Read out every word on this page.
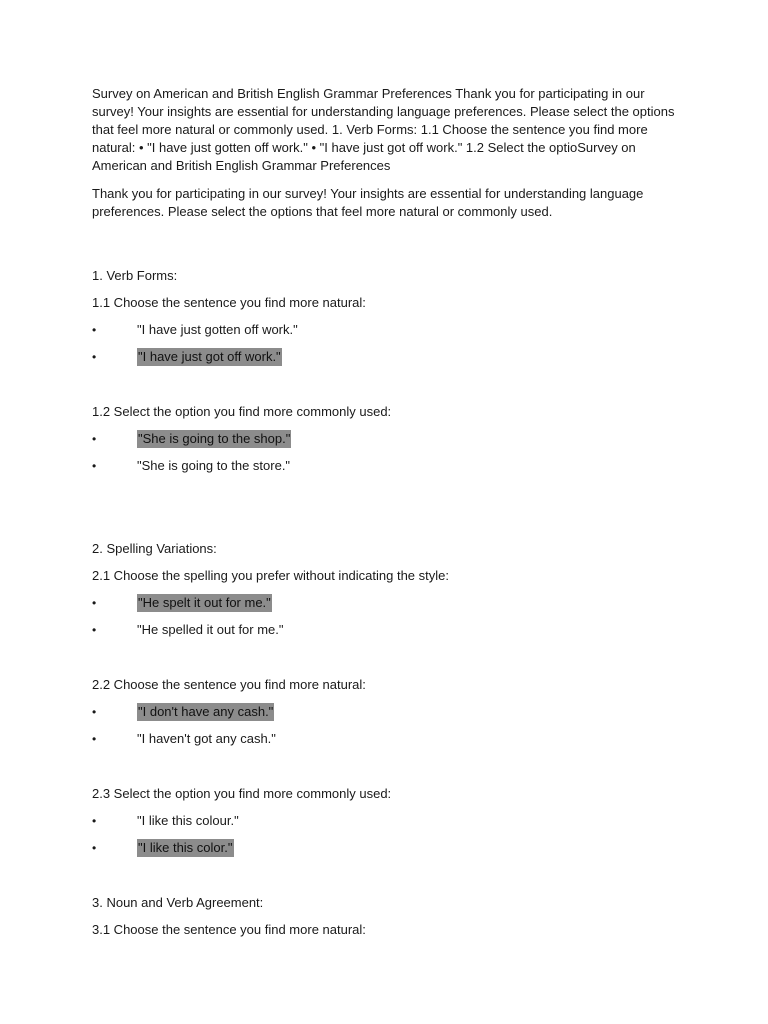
Survey on American and British English Grammar Preferences Thank you for participating in our survey! Your insights are essential for understanding language preferences. Please select the options that feel more natural or commonly used. 1. Verb Forms: 1.1 Choose the sentence you find more natural: • "I have just gotten off work." • "I have just got off work." 1.2 Select the optioSurvey on American and British English Grammar Preferences

Thank you for participating in our survey! Your insights are essential for understanding language preferences. Please select the options that feel more natural or commonly used.

1. Verb Forms:

1.1 Choose the sentence you find more natural:

•	"I have just gotten off work."
•	"I have just got off work."

1.2 Select the option you find more commonly used:

•	"She is going to the shop."
•	"She is going to the store."

2. Spelling Variations:

2.1 Choose the spelling you prefer without indicating the style:

•	"He spelt it out for me."
•	"He spelled it out for me."

2.2 Choose the sentence you find more natural:

•	"I don't have any cash."
•	"I haven't got any cash."

2.3 Select the option you find more commonly used:

•	"I like this colour."
•	"I like this color."

3. Noun and Verb Agreement:

3.1 Choose the sentence you find more natural:
